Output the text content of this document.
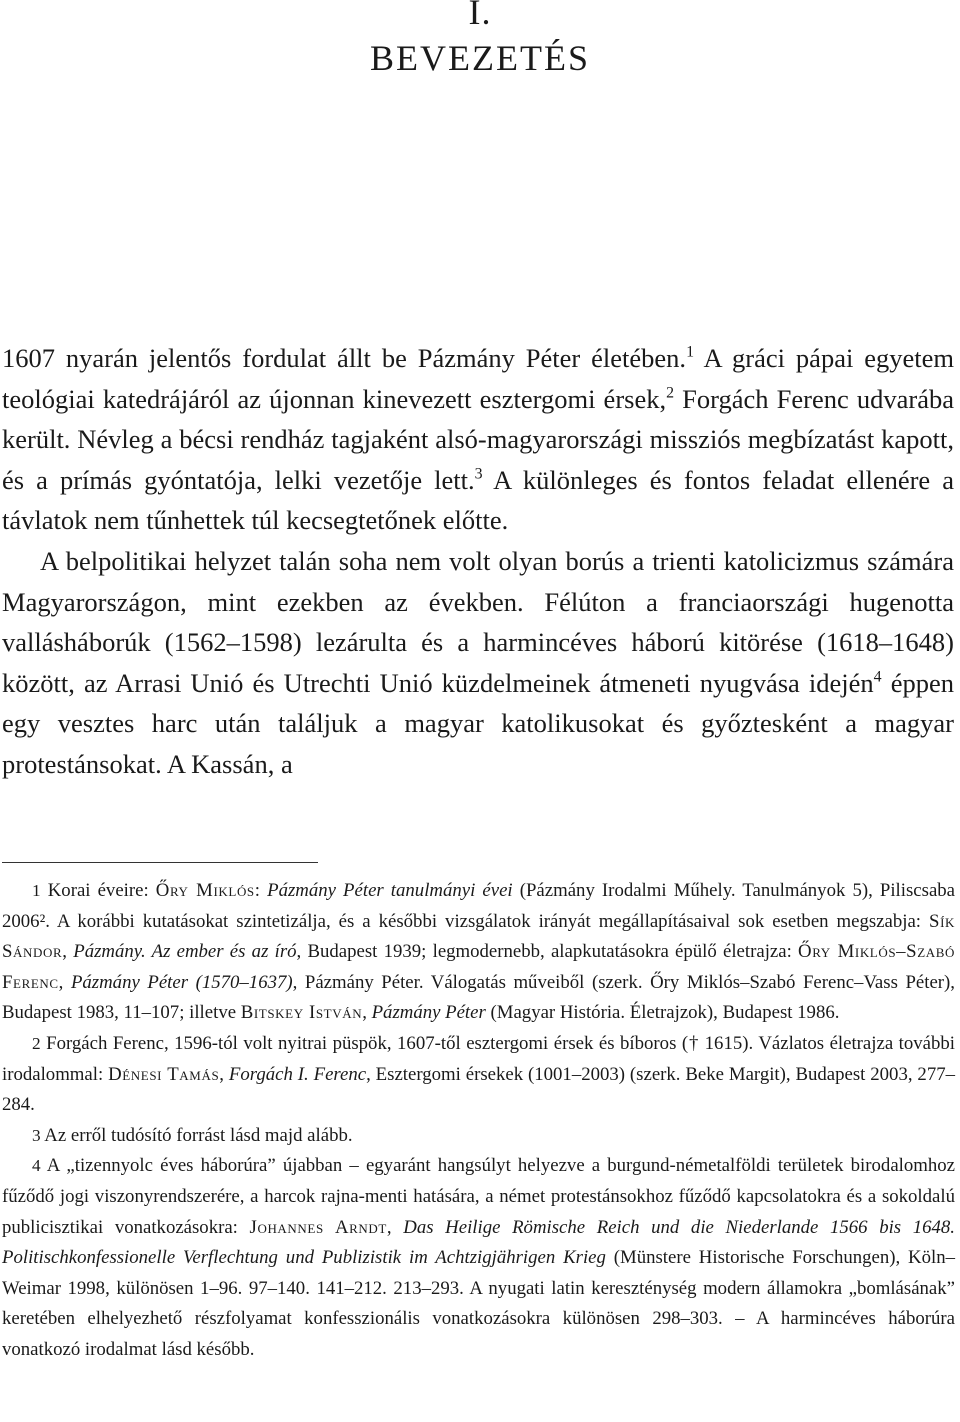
I.
BEVEZETÉS

1607 nyarán jelentős fordulat állt be Pázmány Péter életében.$^1$ A gráci pápai egyetem teológiai katedrájáról az újonnan kinevezett esztergomi érsek,$^2$ Forgách Ferenc udvarába került. Névleg a bécsi rendház tagjaként alsó-magyarországi missziós megbízatást kapott, és a prímás gyóntatója, lelki vezetője lett.$^3$ A különleges és fontos feladat ellenére a távlatok nem tűnhettek túl kecsegtetőnek előtte.

A belpolitikai helyzet talán soha nem volt olyan borús a trienti katolicizmus számára Magyarországon, mint ezekben az években. Félúton a franciaországi hugenotta vallásháborúk (1562–1598) lezárulta és a harmincéves háború kitörése (1618–1648) között, az Arrasi Unió és Utrechti Unió küzdelmeinek átmeneti nyugvása idején$^4$ éppen egy vesztes harc után találjuk a magyar katolikusokat és győztesként a magyar protestánsokat. A Kassán, a

1 Korai éveire: Őry Miklós: Pázmány Péter tanulmányi évei (Pázmány Irodalmi Műhely. Tanulmányok 5), Piliscsaba 2006². A korábbi kutatásokat szintetizálja, és a későbbi vizsgálatok irányát megállapításaival sok esetben megszabja: Sík Sándor, Pázmány. Az ember és az író, Budapest 1939; legmodernebb, alapkutatásokra épülő életrajza: Őry Miklós–Szabó Ferenc, Pázmány Péter (1570–1637), Pázmány Péter. Válogatás műveiből (szerk. Őry Miklós–Szabó Ferenc–Vass Péter), Budapest 1983, 11–107; illetve Bitskey István, Pázmány Péter (Magyar História. Életrajzok), Budapest 1986.

2 Forgách Ferenc, 1596-tól volt nyitrai püspök, 1607-től esztergomi érsek és bíboros († 1615). Vázlatos életrajza további irodalommal: Dénesi Tamás, Forgách I. Ferenc, Esztergomi érsekek (1001–2003) (szerk. Beke Margit), Budapest 2003, 277–284.

3 Az erről tudósító forrást lásd majd alább.

4 A „tizennyolc éves háborúra” újabban – egyaránt hangsúlyt helyezve a burgund-németalföldi területek birodalomhoz fűződő jogi viszonyrendszerére, a harcok rajna-menti hatására, a német protestánsokhoz fűződő kapcsolatokra és a sokoldalú publicisztikai vonatkozásokra: Johannes Arndt, Das Heilige Römische Reich und die Niederlande 1566 bis 1648. Politischkonfessionelle Verflechtung und Publizistik im Achtzigjährigen Krieg (Münstere Historische Forschungen), Köln–Weimar 1998, különösen 1–96. 97–140. 141–212. 213–293. A nyugati latin kereszténység modern államokra „bomlásának” keretében elhelyezhető részfolyamat konfesszionális vonatkozásokra különösen 298–303. – A harmincéves háborúra vonatkozó irodalmat lásd később.
